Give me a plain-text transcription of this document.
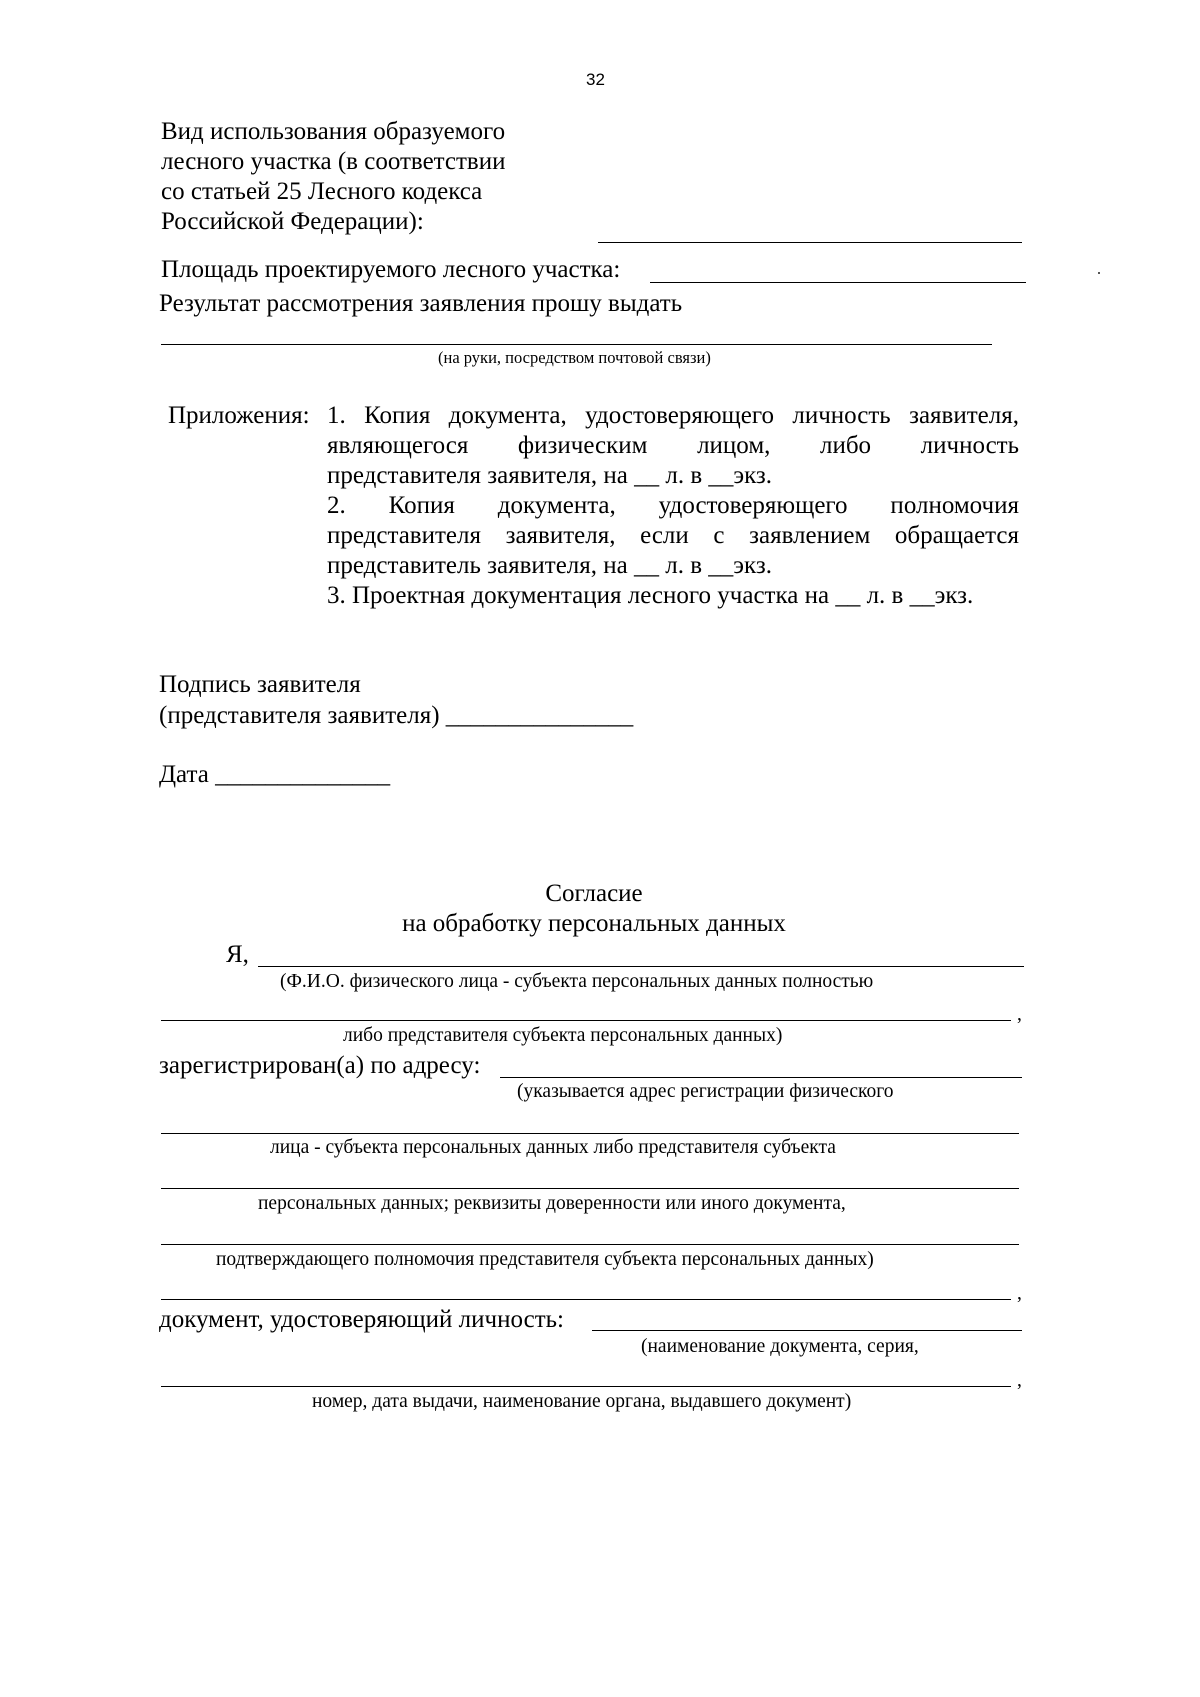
32
Вид использования образуемого
лесного участка (в соответствии
со статьей 25 Лесного кодекса
Российской Федерации):
Площадь проектируемого лесного участка:
Результат рассмотрения заявления прошу выдать
(на руки, посредством почтовой связи)
Приложения: 1. Копия документа, удостоверяющего личность заявителя,
являющегося физическим лицом, либо личность
представителя заявителя, на __ л. в __экз.
2. Копия документа, удостоверяющего полномочия
представителя заявителя, если с заявлением обращается
представитель заявителя, на __ л. в __экз.
3. Проектная документация лесного участка на __ л. в __экз.
Подпись заявителя
(представителя заявителя) _______________
Дата ______________
Согласие
на обработку персональных данных
Я,
(Ф.И.О. физического лица - субъекта персональных данных полностью
,
либо представителя субъекта персональных данных)
зарегистрирован(а) по адресу:
(указывается адрес регистрации физического
лица - субъекта персональных данных либо представителя субъекта
персональных данных; реквизиты доверенности или иного документа,
подтверждающего полномочия представителя субъекта персональных данных)
,
документ, удостоверяющий личность:
(наименование документа, серия,
,
номер, дата выдачи, наименование органа, выдавшего документ)
